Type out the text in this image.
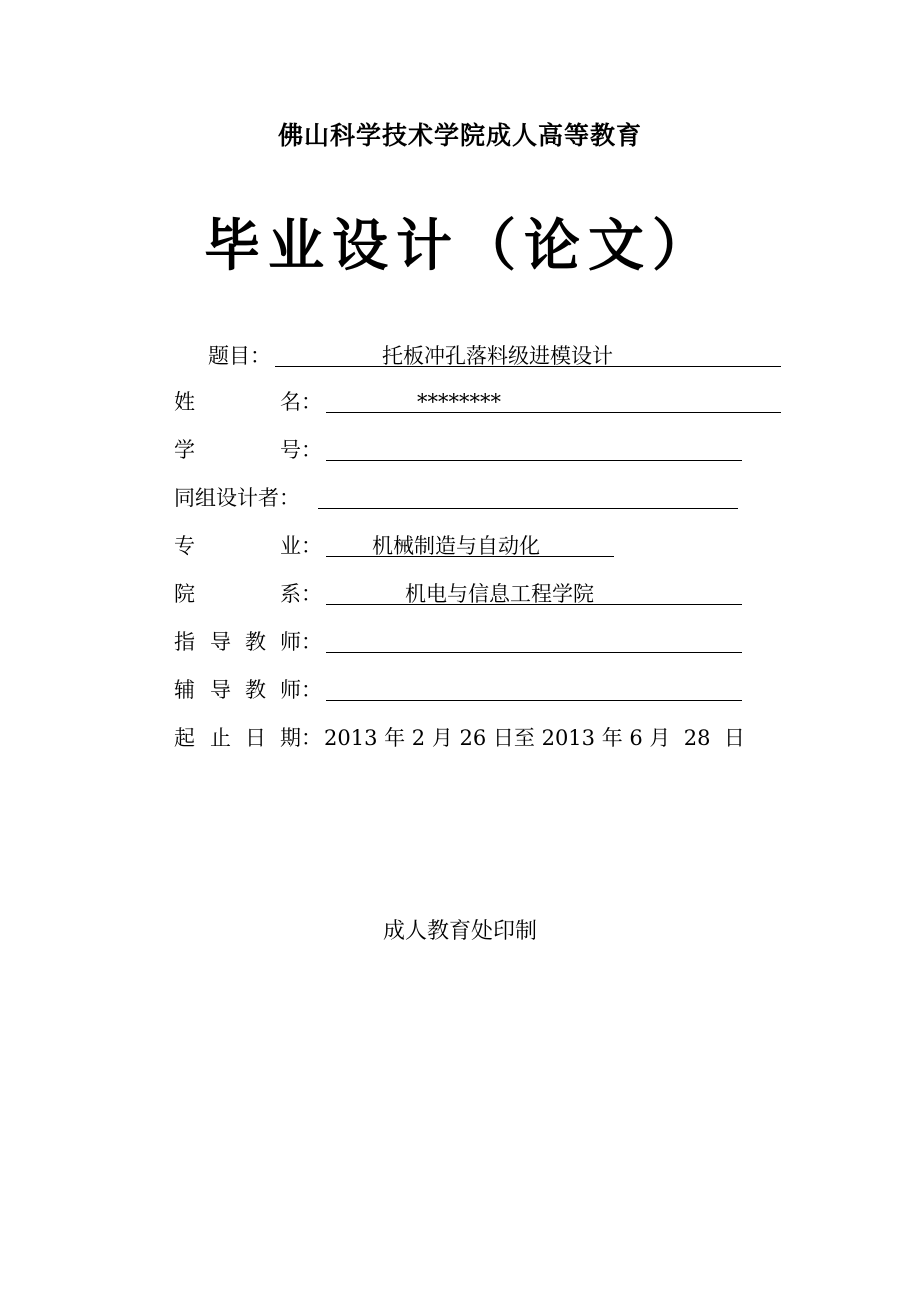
佛山科学技术学院成人高等教育
毕业设计（论文）
题目：	托板冲孔落料级进模设计
姓	名：	********
学	号：
同组设计者：
专	业： 机械制造与自动化
院	系：	机电与信息工程学院
指 导 教 师：
辅 导 教 师：
起 止 日 期： 2013 年 2 月 26 日至 2013 年 6 月  28  日
成人教育处印制
